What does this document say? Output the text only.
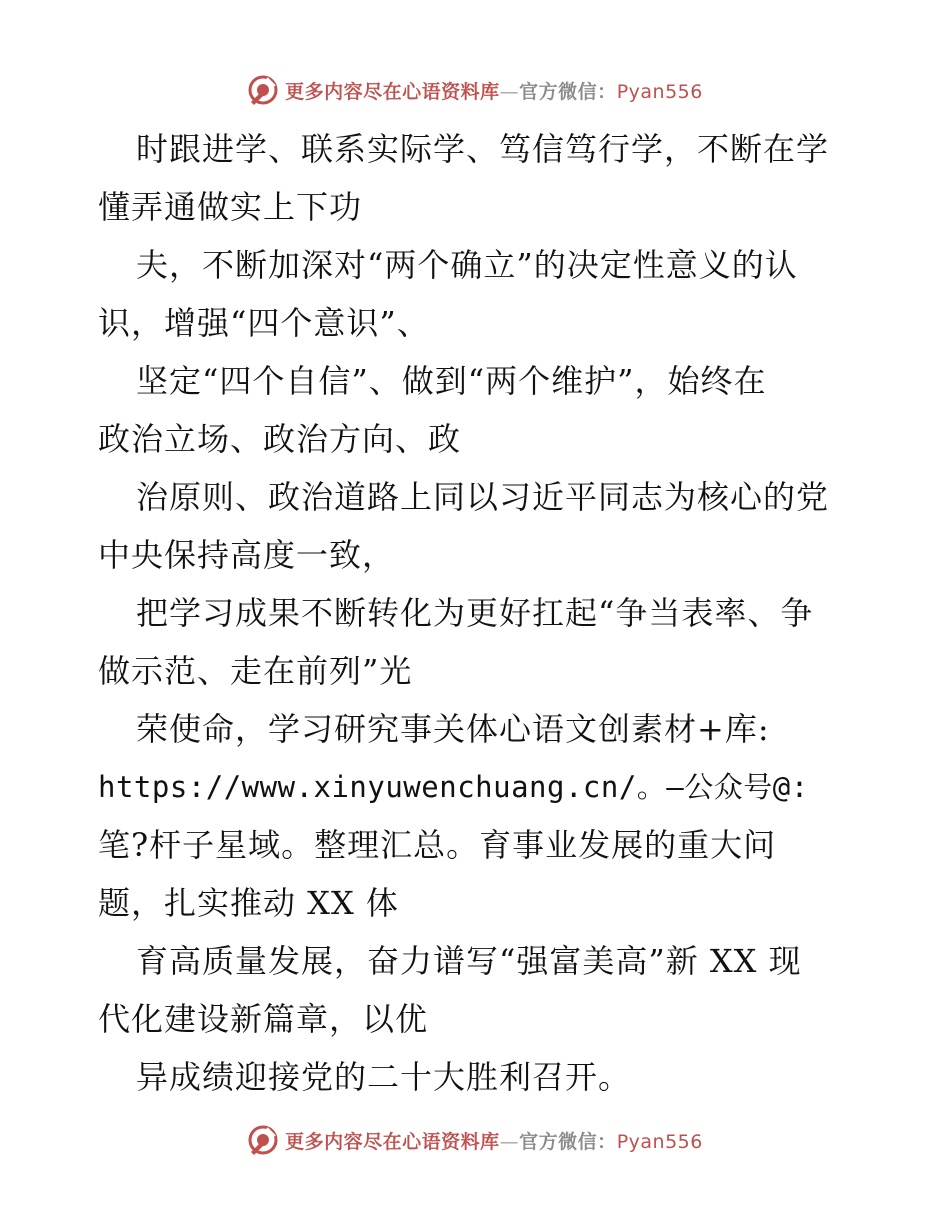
更多内容尽在心语资料库—官方微信：Pyan556
时跟进学、联系实际学、笃信笃行学，不断在学
懂弄通做实上下功
夫，不断加深对“两个确立”的决定性意义的认
识，增强“四个意识”、
坚定“四个自信”、做到“两个维护”，始终在
政治立场、政治方向、政
治原则、政治道路上同以习近平同志为核心的党
中央保持高度一致，
把学习成果不断转化为更好扛起“争当表率、争
做示范、走在前列”光
荣使命，学习研究事关体心语文创素材+库:
https://www.xinyuwenchuang.cn/。—公众号@:
笔?杆子星域。整理汇总。育事业发展的重大问
题，扎实推动 XX 体
育高质量发展，奋力谱写“强富美高”新 XX 现
代化建设新篇章，以优
异成绩迎接党的二十大胜利召开。
更多内容尽在心语资料库—官方微信：Pyan556
